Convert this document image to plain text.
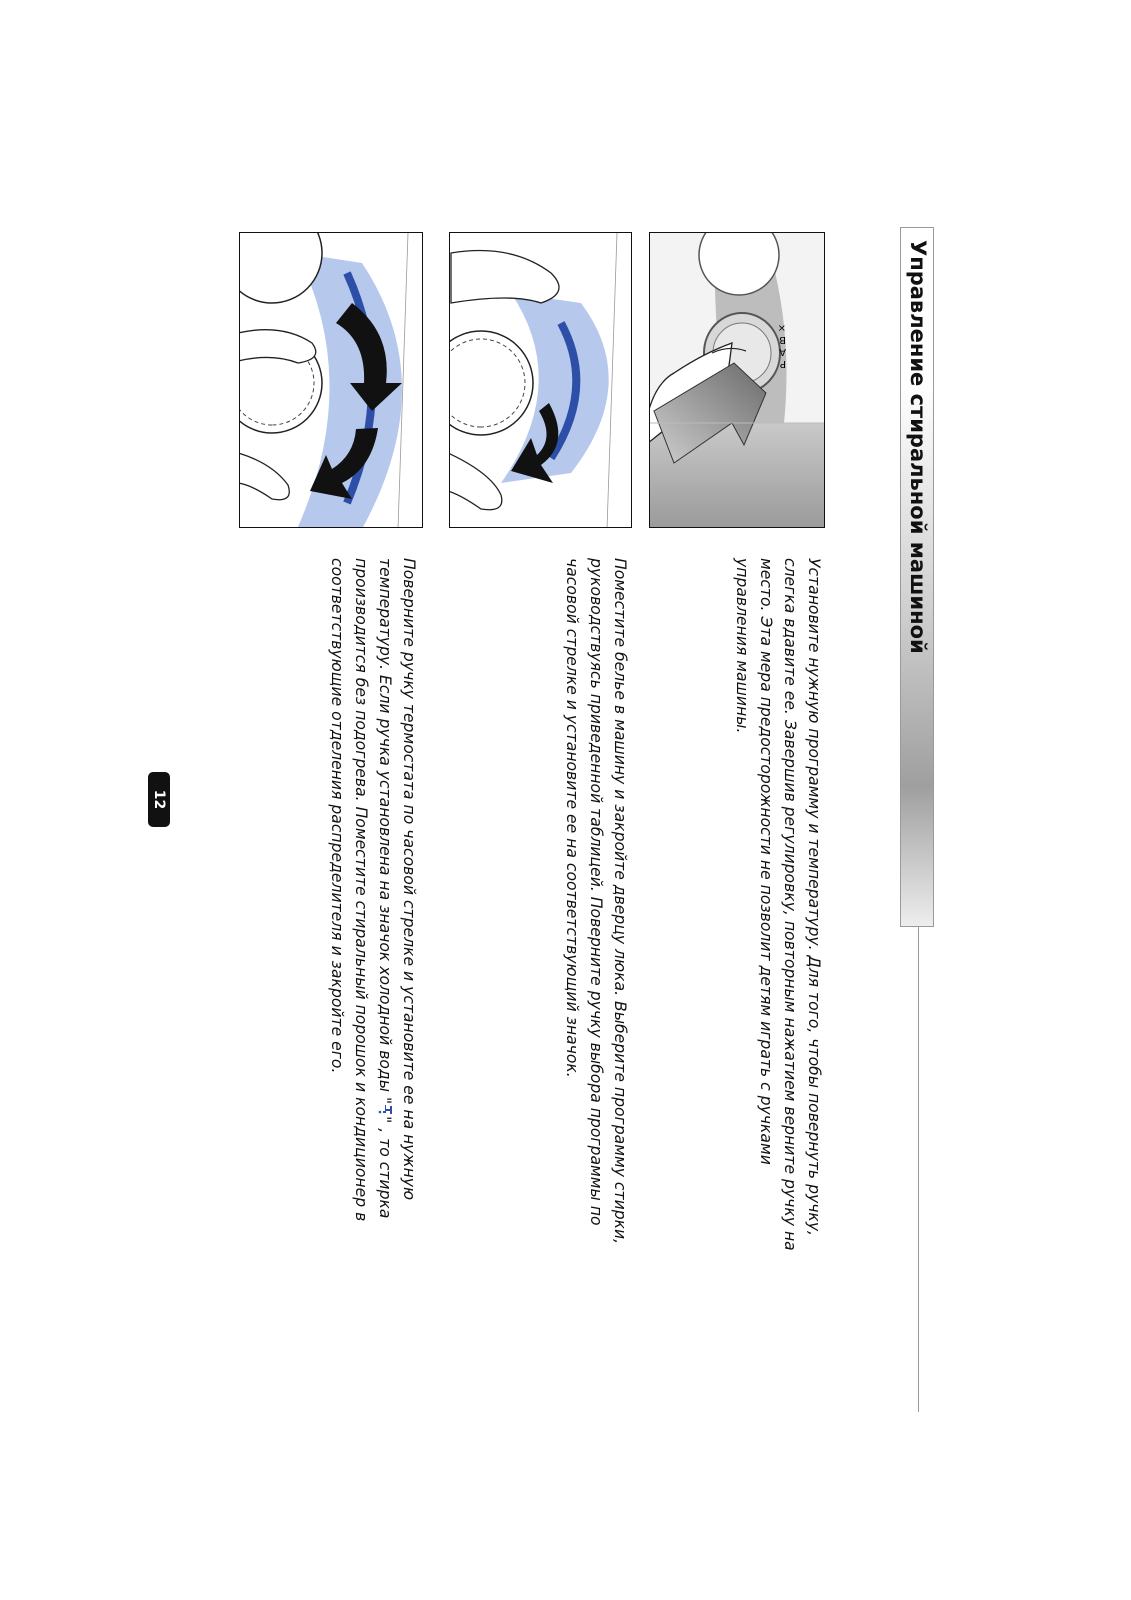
Управление стиральной машиной
×
B
A
P

Установите нужную программу и температуру. Для того, чтобы повернуть ручку, слегка вдавите ее. Завершив регулировку, повторным нажатием верните ручку на место. Эта мера предосторожности не позволит детям играть с ручками управления машины.

Поместите белье в машину и закройте дверцу люка. Выберите программу стирки, руководствуясь приведенной таблицей. Поверните ручку выбора программы по часовой стрелке и установите ее на соответствующий значок.

Поверните ручку термостата по часовой стрелке и установите ее на нужную температуру. Если ручка установлена на значок холодной воды "" , то стирка производится без подогрева. Поместите стиральный порошок и кондиционер в соответствующие отделения распределителя и закройте его.

12
